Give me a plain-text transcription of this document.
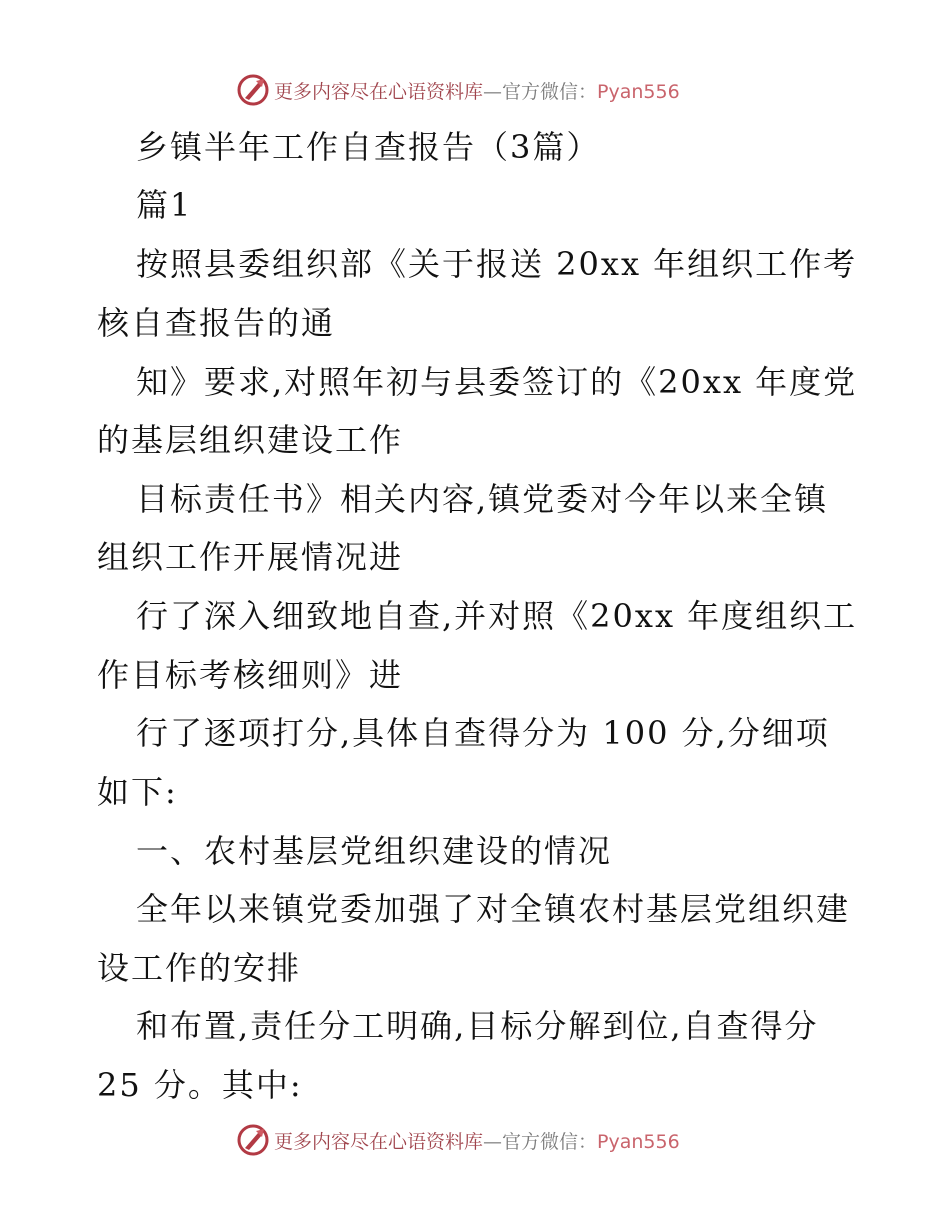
更多内容尽在心语资料库—官方微信：Pyan556
乡镇半年工作自查报告（3篇）
篇1
按照县委组织部《关于报送 20xx 年组织工作考
核自查报告的通
知》要求,对照年初与县委签订的《20xx 年度党
的基层组织建设工作
目标责任书》相关内容,镇党委对今年以来全镇
组织工作开展情况进
行了深入细致地自查,并对照《20xx 年度组织工
作目标考核细则》进
行了逐项打分,具体自查得分为 100 分,分细项
如下:
一、农村基层党组织建设的情况
全年以来镇党委加强了对全镇农村基层党组织建
设工作的安排
和布置,责任分工明确,目标分解到位,自查得分
25 分。其中:
更多内容尽在心语资料库—官方微信：Pyan556
